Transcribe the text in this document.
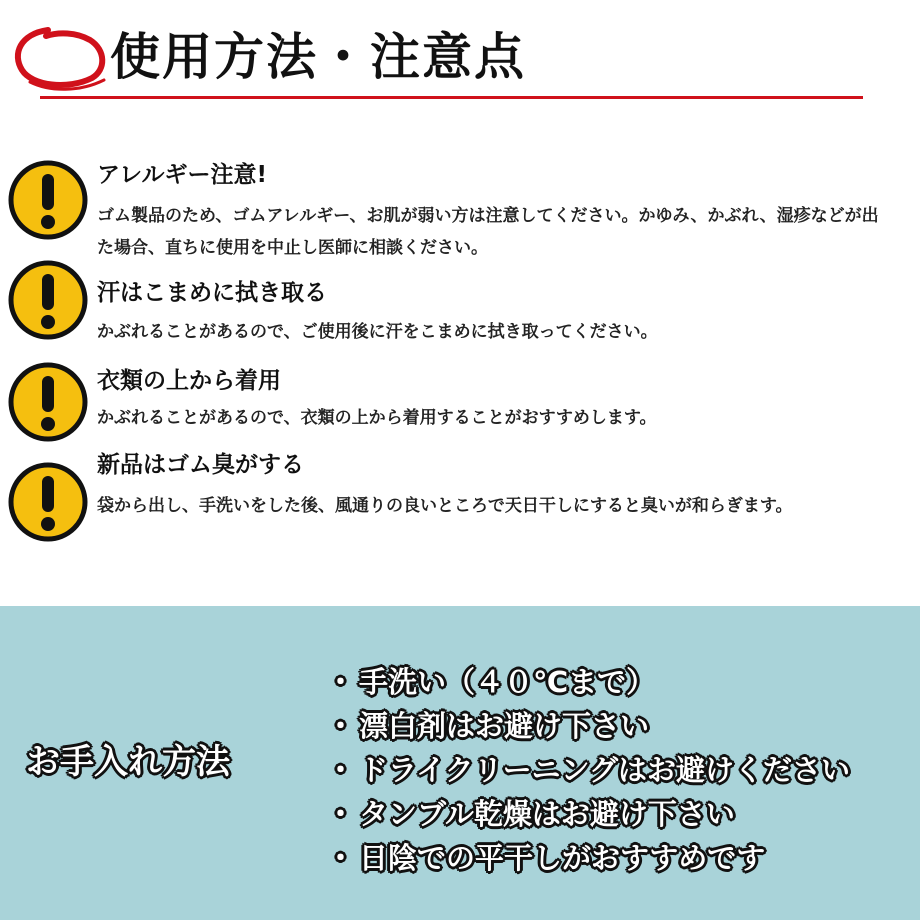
使用方法・注意点
アレルギー注意!
ゴム製品のため、ゴムアレルギー、お肌が弱い方は注意してください。かゆみ、かぶれ、湿疹などが出た場合、直ちに使用を中止し医師に相談ください。
汗はこまめに拭き取る
かぶれることがあるので、ご使用後に汗をこまめに拭き取ってください。
衣類の上から着用
かぶれることがあるので、衣類の上から着用することがおすすめします。
新品はゴム臭がする
袋から出し、手洗いをした後、風通りの良いところで天日干しにすると臭いが和らぎます。
お手入れ方法
・ 手洗い（４０℃まで）
・ 漂白剤はお避け下さい
・ ドライクリーニングはお避けください
・ タンブル乾燥はお避け下さい
・ 日陰での平干しがおすすめです
